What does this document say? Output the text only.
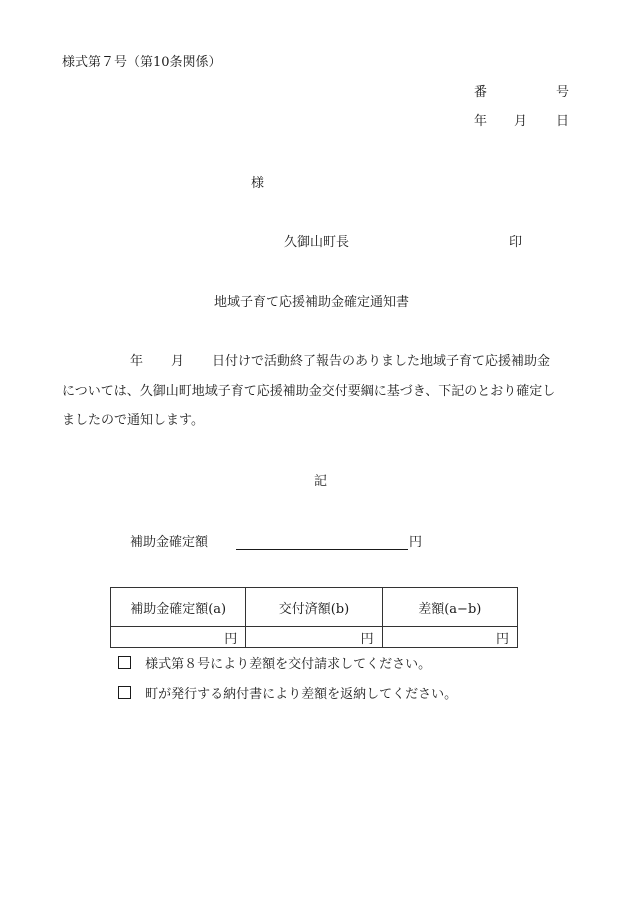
様式第７号（第10条関係）
番	号
年 月 日
様
久御山町長	印
地域子育て応援補助金確定通知書
年 月 日付けで活動終了報告のありました地域子育て応援補助金
については、久御山町地域子育て応援補助金交付要綱に基づき、下記のとおり確定し
ましたので通知します。
記
補助金確定額	円
補助金確定額(a)	交付済額(b)	差額(a−b)
円	円	円
様式第８号により差額を交付請求してください。
町が発行する納付書により差額を返納してください。
